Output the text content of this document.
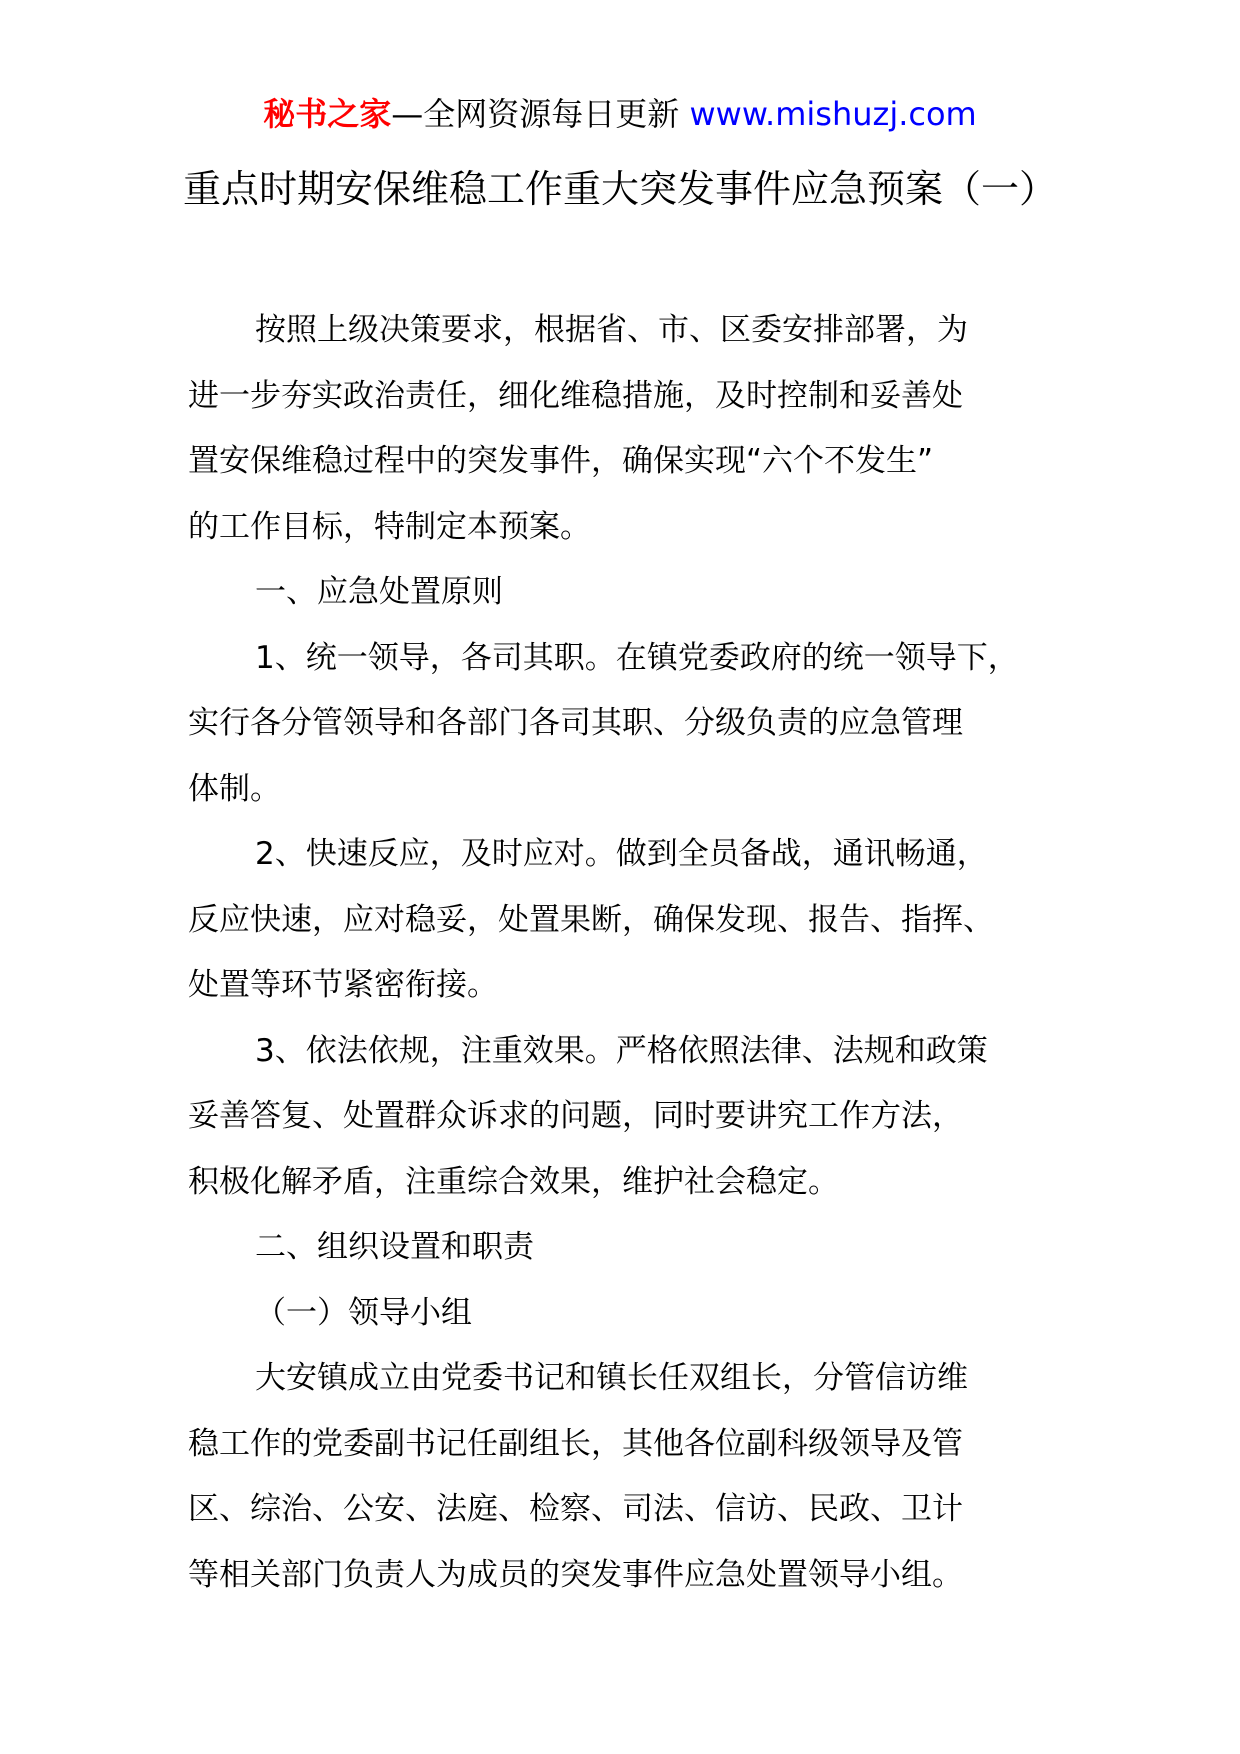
秘书之家—全网资源每日更新 www.mishuzj.com
重点时期安保维稳工作重大突发事件应急预案（一）
按照上级决策要求，根据省、市、区委安排部署，为
进一步夯实政治责任，细化维稳措施，及时控制和妥善处
置安保维稳过程中的突发事件，确保实现“六个不发生”
的工作目标，特制定本预案。
一、应急处置原则
1、统一领导，各司其职。在镇党委政府的统一领导下，
实行各分管领导和各部门各司其职、分级负责的应急管理
体制。
2、快速反应，及时应对。做到全员备战，通讯畅通，
反应快速，应对稳妥，处置果断，确保发现、报告、指挥、
处置等环节紧密衔接。
3、依法依规，注重效果。严格依照法律、法规和政策
妥善答复、处置群众诉求的问题，同时要讲究工作方法，
积极化解矛盾，注重综合效果，维护社会稳定。
二、组织设置和职责
（一）领导小组
大安镇成立由党委书记和镇长任双组长，分管信访维
稳工作的党委副书记任副组长，其他各位副科级领导及管
区、综治、公安、法庭、检察、司法、信访、民政、卫计
等相关部门负责人为成员的突发事件应急处置领导小组。
